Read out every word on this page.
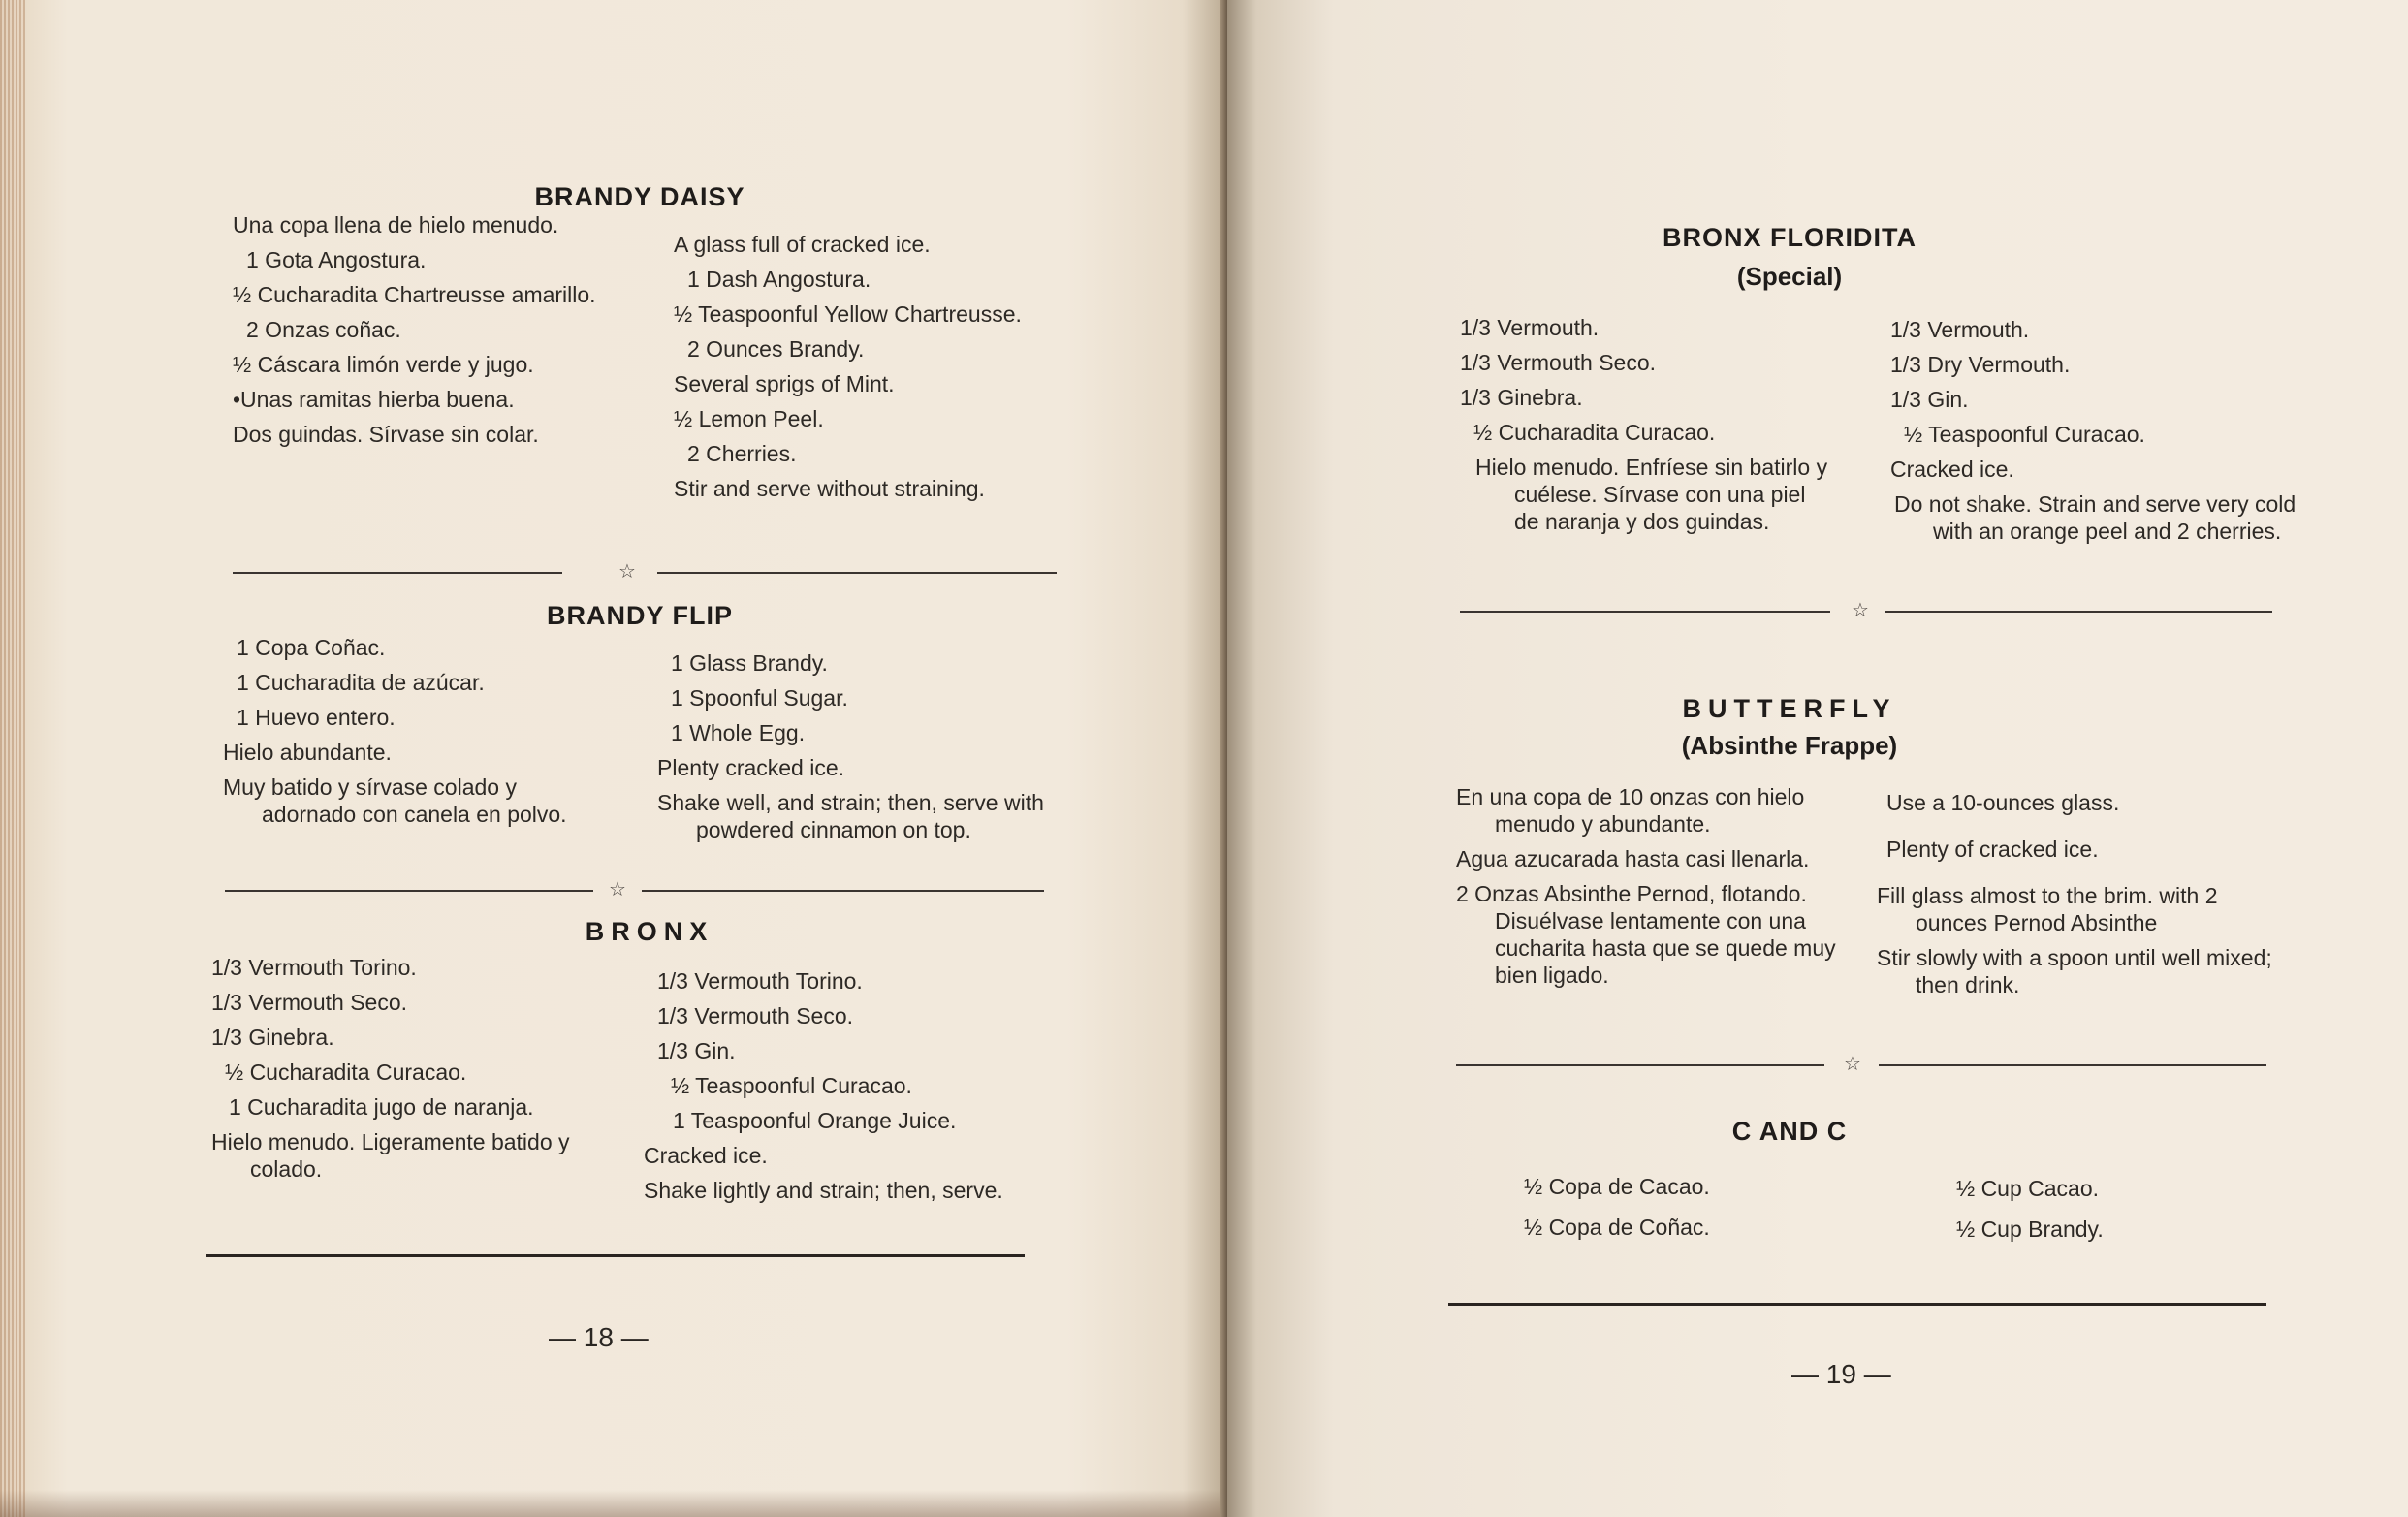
BRANDY DAISY
Una copa llena de hielo menudo.
1 Gota Angostura.
½ Cucharadita Chartreusse amarillo.
2 Onzas coñac.
½ Cáscara limón verde y jugo.
•Unas ramitas hierba buena.
Dos guindas. Sírvase sin colar.
A glass full of cracked ice.
1 Dash Angostura.
½ Teaspoonful Yellow Chartreusse.
2 Ounces Brandy.
Several sprigs of Mint.
½ Lemon Peel.
2 Cherries.
Stir and serve without straining.
☆
BRANDY FLIP
1 Copa Coñac.
1 Cucharadita de azúcar.
1 Huevo entero.
Hielo abundante.
Muy batido y sírvase colado y adornado con canela en polvo.
1 Glass Brandy.
1 Spoonful Sugar.
1 Whole Egg.
Plenty cracked ice.
Shake well, and strain; then, serve with powdered cinnamon on top.
☆
BRONX
1/3 Vermouth Torino.
1/3 Vermouth Seco.
1/3 Ginebra.
½ Cucharadita Curacao.
1 Cucharadita jugo de naranja.
Hielo menudo. Ligeramente batido y colado.
1/3 Vermouth Torino.
1/3 Vermouth Seco.
1/3 Gin.
½ Teaspoonful Curacao.
1 Teaspoonful Orange Juice.
Cracked ice.
Shake lightly and strain; then, serve.
— 18 —
BRONX FLORIDITA
(Special)
1/3 Vermouth.
1/3 Vermouth Seco.
1/3 Ginebra.
½ Cucharadita Curacao.
Hielo menudo. Enfríese sin batirlo y cuélese. Sírvase con una piel de naranja y dos guindas.
1/3 Vermouth.
1/3 Dry Vermouth.
1/3 Gin.
½ Teaspoonful Curacao.
Cracked ice.
Do not shake. Strain and serve very cold with an orange peel and 2 cherries.
☆
BUTTERFLY
(Absinthe Frappe)
En una copa de 10 onzas con hielo menudo y abundante.
Agua azucarada hasta casi llenarla.
2 Onzas Absinthe Pernod, flotando. Disuélvase lentamente con una cucharita hasta que se quede muy bien ligado.
Use a 10-ounces glass.
Plenty of cracked ice.
Fill glass almost to the brim. with 2 ounces Pernod Absinthe
Stir slowly with a spoon until well mixed; then drink.
☆
C AND C
½ Copa de Cacao.
½ Copa de Coñac.
½ Cup Cacao.
½ Cup Brandy.
— 19 —
